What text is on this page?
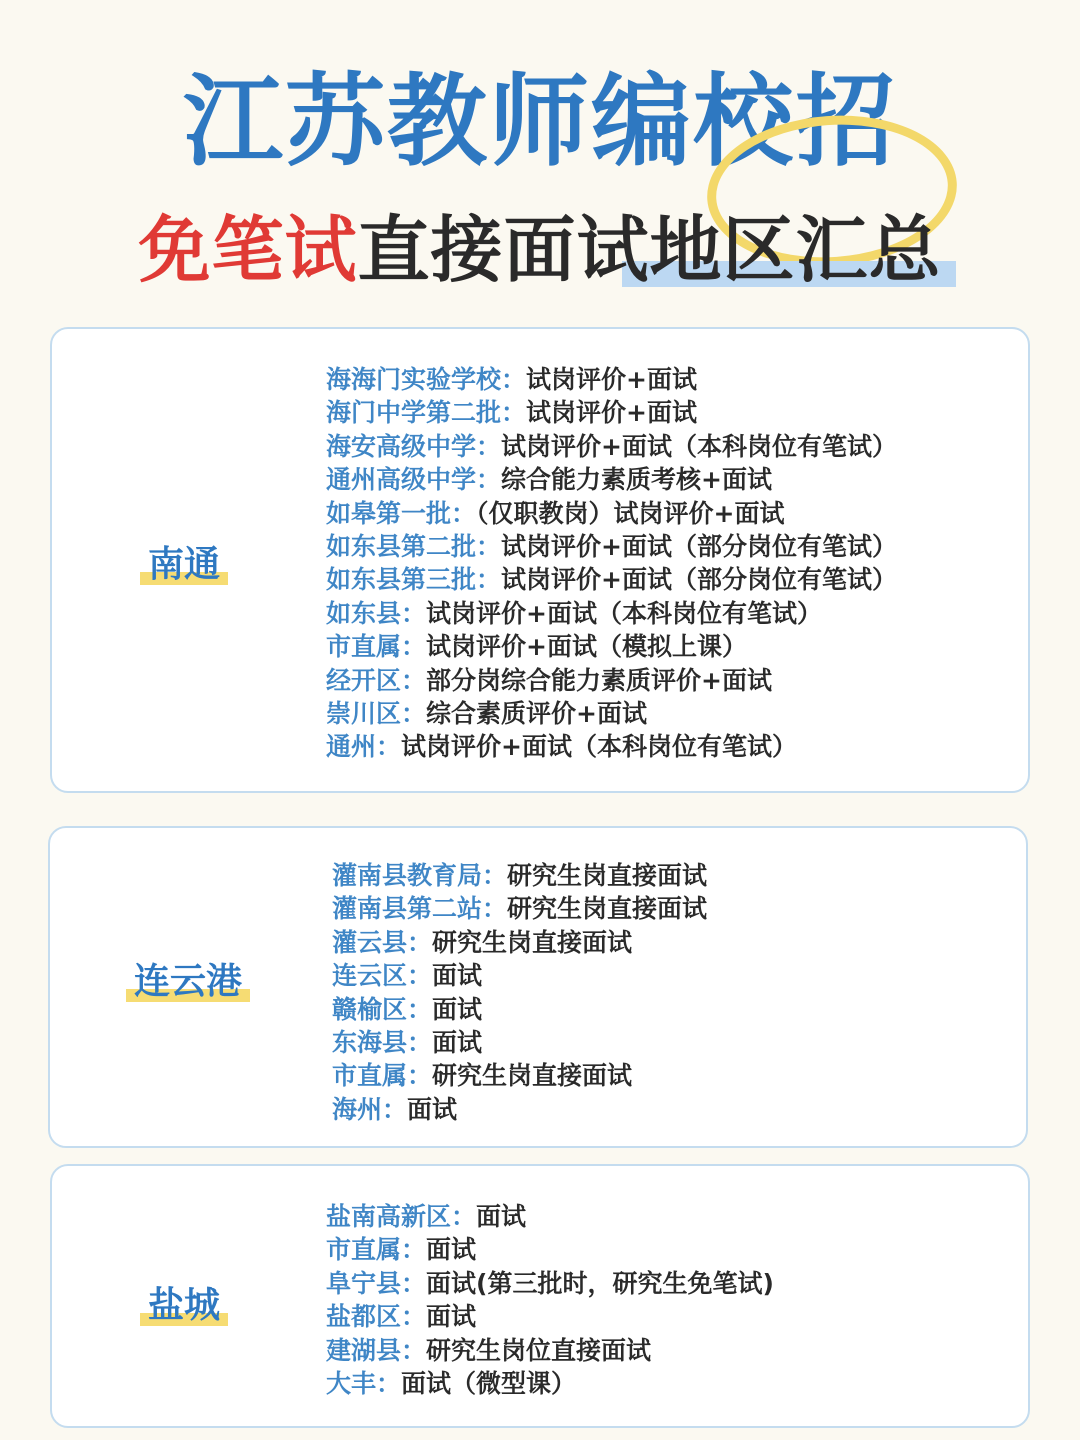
江苏教师编校招
免笔试直接面试地区汇总
南通
海海门实验学校：试岗评价+面试
海门中学第二批：试岗评价+面试
海安高级中学：试岗评价+面试（本科岗位有笔试）
通州高级中学：综合能力素质考核+面试
如皋第一批：（仅职教岗）试岗评价+面试
如东县第二批：试岗评价+面试（部分岗位有笔试）
如东县第三批：试岗评价+面试（部分岗位有笔试）
如东县：试岗评价+面试（本科岗位有笔试）
市直属：试岗评价+面试（模拟上课）
经开区：部分岗综合能力素质评价+面试
崇川区：综合素质评价+面试
通州：试岗评价+面试（本科岗位有笔试）
连云港
灌南县教育局：研究生岗直接面试
灌南县第二站：研究生岗直接面试
灌云县：研究生岗直接面试
连云区：面试
赣榆区：面试
东海县：面试
市直属：研究生岗直接面试
海州：面试
盐城
盐南高新区：面试
市直属：面试
阜宁县：面试(第三批时，研究生免笔试)
盐都区：面试
建湖县：研究生岗位直接面试
大丰：面试（微型课）
